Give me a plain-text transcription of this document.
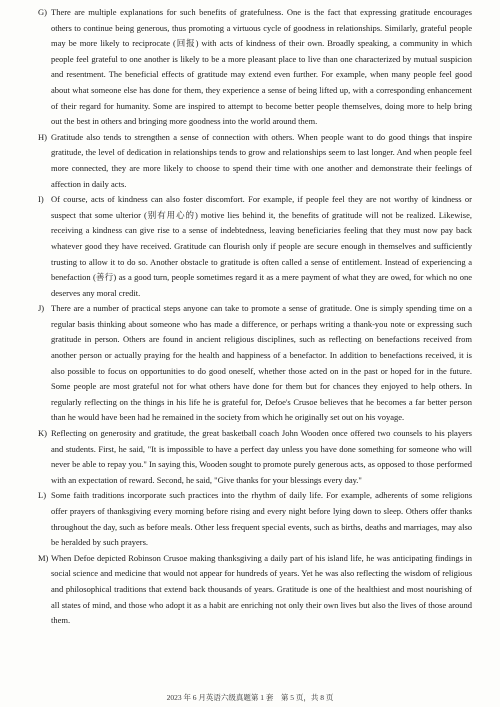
G) There are multiple explanations for such benefits of gratefulness. One is the fact that expressing gratitude encourages others to continue being generous, thus promoting a virtuous cycle of goodness in relationships. Similarly, grateful people may be more likely to reciprocate (回报) with acts of kindness of their own. Broadly speaking, a community in which people feel grateful to one another is likely to be a more pleasant place to live than one characterized by mutual suspicion and resentment. The beneficial effects of gratitude may extend even further. For example, when many people feel good about what someone else has done for them, they experience a sense of being lifted up, with a corresponding enhancement of their regard for humanity. Some are inspired to attempt to become better people themselves, doing more to help bring out the best in others and bringing more goodness into the world around them.
H) Gratitude also tends to strengthen a sense of connection with others. When people want to do good things that inspire gratitude, the level of dedication in relationships tends to grow and relationships seem to last longer. And when people feel more connected, they are more likely to choose to spend their time with one another and demonstrate their feelings of affection in daily acts.
I) Of course, acts of kindness can also foster discomfort. For example, if people feel they are not worthy of kindness or suspect that some ulterior (别有用心的) motive lies behind it, the benefits of gratitude will not be realized. Likewise, receiving a kindness can give rise to a sense of indebtedness, leaving beneficiaries feeling that they must now pay back whatever good they have received. Gratitude can flourish only if people are secure enough in themselves and sufficiently trusting to allow it to do so. Another obstacle to gratitude is often called a sense of entitlement. Instead of experiencing a benefaction (善行) as a good turn, people sometimes regard it as a mere payment of what they are owed, for which no one deserves any moral credit.
J) There are a number of practical steps anyone can take to promote a sense of gratitude. One is simply spending time on a regular basis thinking about someone who has made a difference, or perhaps writing a thank-you note or expressing such gratitude in person. Others are found in ancient religious disciplines, such as reflecting on benefactions received from another person or actually praying for the health and happiness of a benefactor. In addition to benefactions received, it is also possible to focus on opportunities to do good oneself, whether those acted on in the past or hoped for in the future. Some people are most grateful not for what others have done for them but for chances they enjoyed to help others. In regularly reflecting on the things in his life he is grateful for, Defoe's Crusoe believes that he becomes a far better person than he would have been had he remained in the society from which he originally set out on his voyage.
K) Reflecting on generosity and gratitude, the great basketball coach John Wooden once offered two counsels to his players and students. First, he said, "It is impossible to have a perfect day unless you have done something for someone who will never be able to repay you." In saying this, Wooden sought to promote purely generous acts, as opposed to those performed with an expectation of reward. Second, he said, "Give thanks for your blessings every day."
L) Some faith traditions incorporate such practices into the rhythm of daily life. For example, adherents of some religions offer prayers of thanksgiving every morning before rising and every night before lying down to sleep. Others offer thanks throughout the day, such as before meals. Other less frequent special events, such as births, deaths and marriages, may also be heralded by such prayers.
M) When Defoe depicted Robinson Crusoe making thanksgiving a daily part of his island life, he was anticipating findings in social science and medicine that would not appear for hundreds of years. Yet he was also reflecting the wisdom of religious and philosophical traditions that extend back thousands of years. Gratitude is one of the healthiest and most nourishing of all states of mind, and those who adopt it as a habit are enriching not only their own lives but also the lives of those around them.
2023 年 6 月英语六级真题第 1 套　第 5 页，共 8 页
